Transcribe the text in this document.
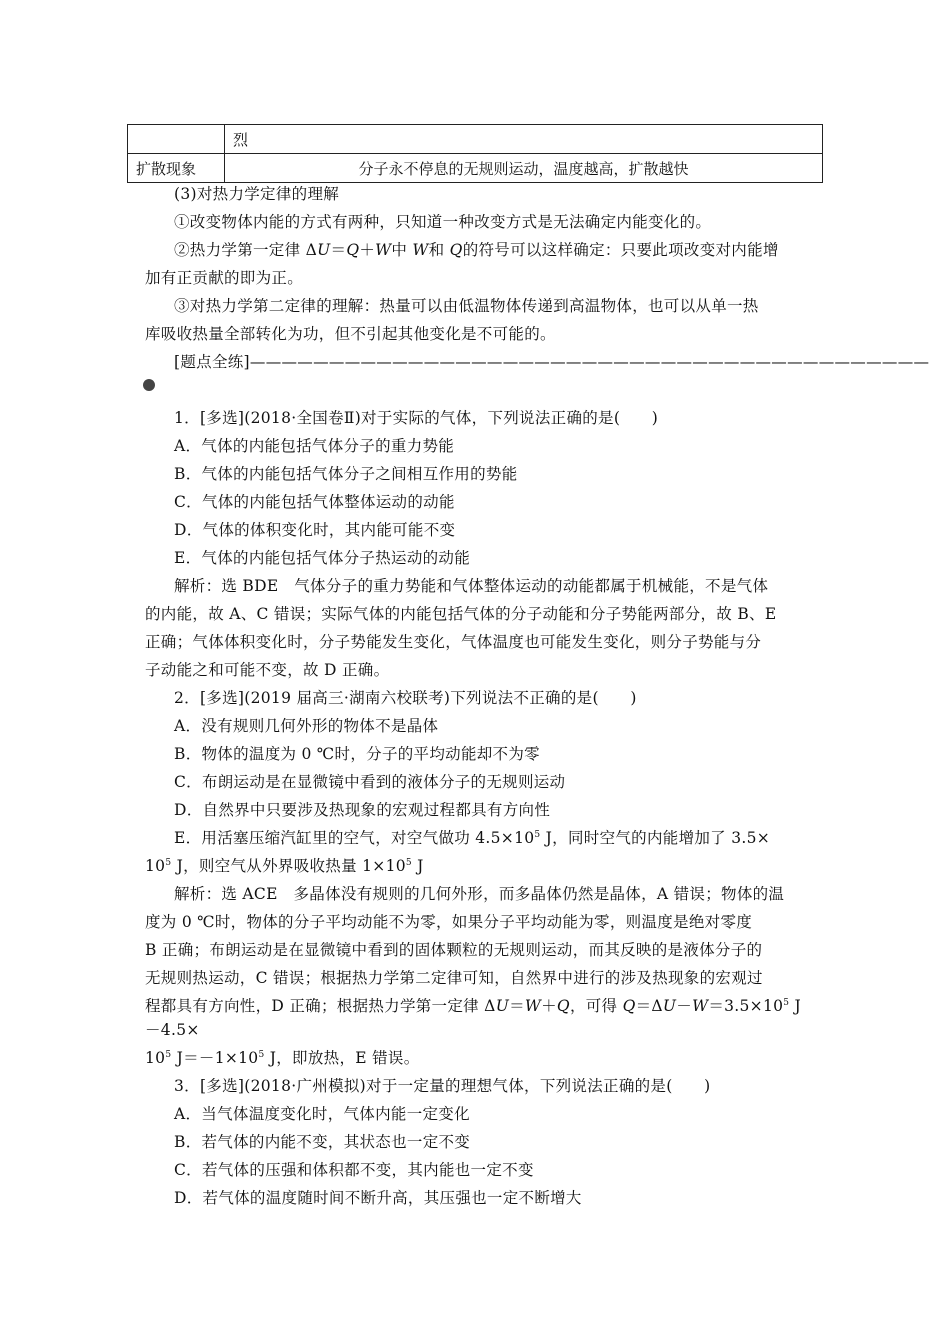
	烈
扩散现象	分子永不停息的无规则运动，温度越高，扩散越快
(3)对热力学定律的理解
①改变物体内能的方式有两种，只知道一种改变方式是无法确定内能变化的。
②热力学第一定律 ΔU＝Q＋W中 W和 Q的符号可以这样确定：只要此项改变对内能增
加有正贡献的即为正。
③对热力学第二定律的理解：热量可以由低温物体传递到高温物体，也可以从单一热
库吸收热量全部转化为功，但不引起其他变化是不可能的。
[题点全练]———————————————————————————————————————————
1．[多选](2018·全国卷Ⅱ)对于实际的气体，下列说法正确的是(　　)
A．气体的内能包括气体分子的重力势能
B．气体的内能包括气体分子之间相互作用的势能
C．气体的内能包括气体整体运动的动能
D．气体的体积变化时，其内能可能不变
E．气体的内能包括气体分子热运动的动能
解析：选 BDE　气体分子的重力势能和气体整体运动的动能都属于机械能，不是气体
的内能，故 A、C 错误；实际气体的内能包括气体的分子动能和分子势能两部分，故 B、E
正确；气体体积变化时，分子势能发生变化，气体温度也可能发生变化，则分子势能与分
子动能之和可能不变，故 D 正确。
2．[多选](2019 届高三·湖南六校联考)下列说法不正确的是(　　)
A．没有规则几何外形的物体不是晶体
B．物体的温度为 0 ℃时，分子的平均动能却不为零
C．布朗运动是在显微镜中看到的液体分子的无规则运动
D．自然界中只要涉及热现象的宏观过程都具有方向性
E．用活塞压缩汽缸里的空气，对空气做功 $4.5\times 10^5$ J，同时空气的内能增加了 3.5×
$10^5$ J，则空气从外界吸收热量 $1\times 10^5$ J
解析：选 ACE　多晶体没有规则的几何外形，而多晶体仍然是晶体，A 错误；物体的温
度为 0 ℃时，物体的分子平均动能不为零，如果分子平均动能为零，则温度是绝对零度
B 正确；布朗运动是在显微镜中看到的固体颗粒的无规则运动，而其反映的是液体分子的
无规则热运动，C 错误；根据热力学第二定律可知，自然界中进行的涉及热现象的宏观过
程都具有方向性，D 正确；根据热力学第一定律 ΔU＝W＋Q，可得 $Q=\Delta U-W=3.5\times 10^5$ J
－4.5×
$10^5$ $J=-1\times 10^5$ J，即放热，E 错误。
3．[多选](2018·广州模拟)对于一定量的理想气体，下列说法正确的是(　　)
A．当气体温度变化时，气体内能一定变化
B．若气体的内能不变，其状态也一定不变
C．若气体的压强和体积都不变，其内能也一定不变
D．若气体的温度随时间不断升高，其压强也一定不断增大
